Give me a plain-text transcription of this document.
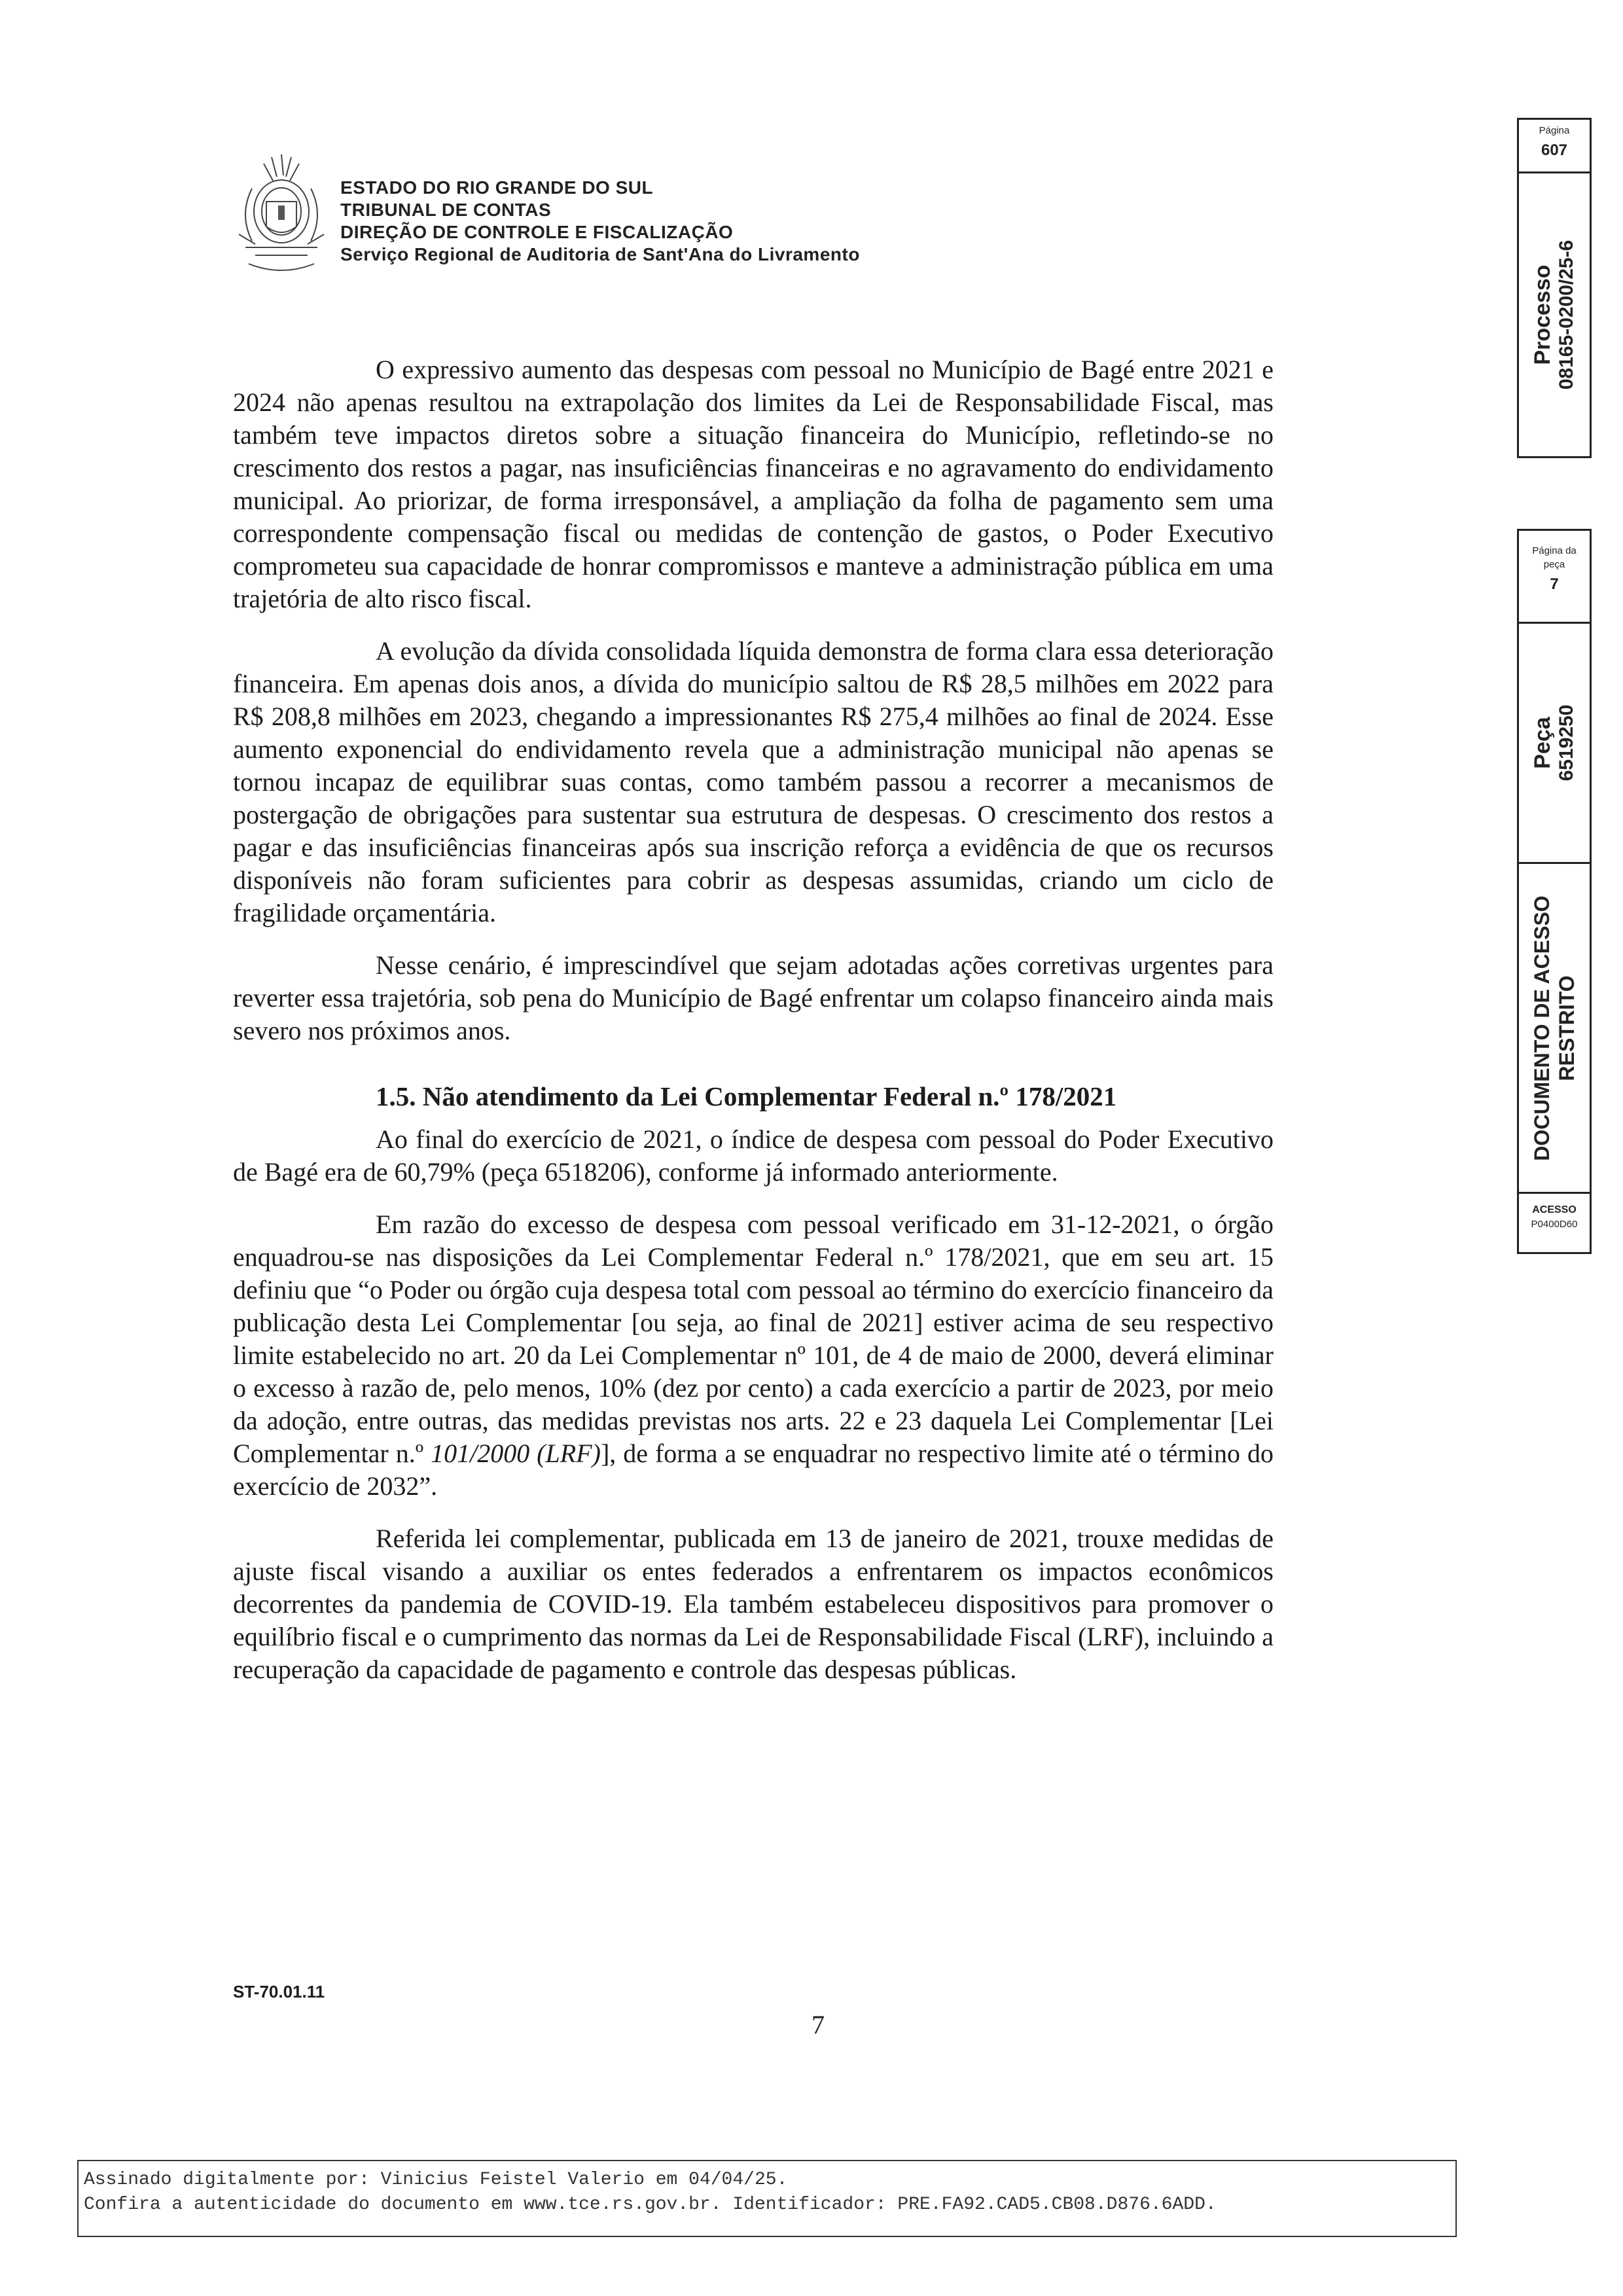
ESTADO DO RIO GRANDE DO SUL
TRIBUNAL DE CONTAS
DIREÇÃO DE CONTROLE E FISCALIZAÇÃO
Serviço Regional de Auditoria de Sant'Ana do Livramento

O expressivo aumento das despesas com pessoal no Município de Bagé entre 2021 e 2024 não apenas resultou na extrapolação dos limites da Lei de Responsabilidade Fiscal, mas também teve impactos diretos sobre a situação financeira do Município, refletindo-se no crescimento dos restos a pagar, nas insuficiências financeiras e no agravamento do endividamento municipal. Ao priorizar, de forma irresponsável, a ampliação da folha de pagamento sem uma correspondente compensação fiscal ou medidas de contenção de gastos, o Poder Executivo comprometeu sua capacidade de honrar compromissos e manteve a administração pública em uma trajetória de alto risco fiscal.

A evolução da dívida consolidada líquida demonstra de forma clara essa deterioração financeira. Em apenas dois anos, a dívida do município saltou de R$ 28,5 milhões em 2022 para R$ 208,8 milhões em 2023, chegando a impressionantes R$ 275,4 milhões ao final de 2024. Esse aumento exponencial do endividamento revela que a administração municipal não apenas se tornou incapaz de equilibrar suas contas, como também passou a recorrer a mecanismos de postergação de obrigações para sustentar sua estrutura de despesas. O crescimento dos restos a pagar e das insuficiências financeiras após sua inscrição reforça a evidência de que os recursos disponíveis não foram suficientes para cobrir as despesas assumidas, criando um ciclo de fragilidade orçamentária.

Nesse cenário, é imprescindível que sejam adotadas ações corretivas urgentes para reverter essa trajetória, sob pena do Município de Bagé enfrentar um colapso financeiro ainda mais severo nos próximos anos.

1.5. Não atendimento da Lei Complementar Federal n.º 178/2021

Ao final do exercício de 2021, o índice de despesa com pessoal do Poder Executivo de Bagé era de 60,79% (peça 6518206), conforme já informado anteriormente.

Em razão do excesso de despesa com pessoal verificado em 31-12-2021, o órgão enquadrou-se nas disposições da Lei Complementar Federal n.º 178/2021, que em seu art. 15 definiu que “o Poder ou órgão cuja despesa total com pessoal ao término do exercício financeiro da publicação desta Lei Complementar [ou seja, ao final de 2021] estiver acima de seu respectivo limite estabelecido no art. 20 da Lei Complementar nº 101, de 4 de maio de 2000, deverá eliminar o excesso à razão de, pelo menos, 10% (dez por cento) a cada exercício a partir de 2023, por meio da adoção, entre outras, das medidas previstas nos arts. 22 e 23 daquela Lei Complementar [Lei Complementar n.º 101/2000 (LRF)], de forma a se enquadrar no respectivo limite até o término do exercício de 2032”.

Referida lei complementar, publicada em 13 de janeiro de 2021, trouxe medidas de ajuste fiscal visando a auxiliar os entes federados a enfrentarem os impactos econômicos decorrentes da pandemia de COVID-19. Ela também estabeleceu dispositivos para promover o equilíbrio fiscal e o cumprimento das normas da Lei de Responsabilidade Fiscal (LRF), incluindo a recuperação da capacidade de pagamento e controle das despesas públicas.

ST-70.01.11
7
Assinado digitalmente por: Vinicius Feistel Valerio em 04/04/25.
Confira a autenticidade do documento em www.tce.rs.gov.br. Identificador: PRE.FA92.CAD5.CB08.D876.6ADD.
Página
607
Processo 08165-0200/25-6
Página da
peça
7
Peça 6519250
DOCUMENTO DE ACESSO RESTRITO
ACESSO
P0400D60
